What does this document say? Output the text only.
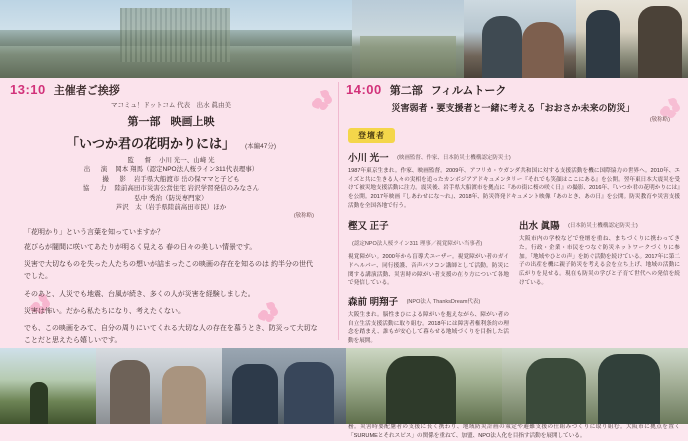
13:10 主催者ご挨拶
マコミュ！ドットコム 代表　出水 眞由美
第一部 映画上映
「いつか君の花明かりには」 (本編47分)
監　督 小川 光一、山﨑 光
出　演 岡本 翔馬（認定NPO法人桜ライン311代表理事）
撮　影 岩手県大船渡市 岳の保ママと子ども
協　力 陸前高田市災害公営住宅 岩沢学習発信のみなさん
弘中 秀治（防災専門家）
芦沢　太（岩手県陸前高田市民）ほか
(敬称略)

「花明かり」という言葉を知っていますか？

花びらが闇間に咲いてあたりが明るく見える 春の日々の美しい情景です。

災害で大切なものを失った人たちの想いが詰まったこの映画の存在を知るのは 約半分の世代でした。

そのあと、人災でも地震、台風が続き、多くの人が災害を経験しました。

災害は怖い。だから私たちになり、考えたくない。

でも、この映画をみて、自分の周りにいてくれる大切な人の存在を慕うとき、防災って大切なことだと思えたら嬉しいです。

14:00 第二部 フィルムトーク
災害弱者・要支援者と一緒に考える「おおさか未来の防災」
(敬称略)
登壇者
小川 光一 (映画監督、作家、日本防災士機構認定防災士)
1987年東京生まれ。作家、映画監督。2009年、アフリカ・ウガンダ共和国に対する支援活動を機に国際協力の世界へ。2010年、エイズと共に生きる人々の実相を追ったカンボジアアドキュメンタリー『それでも笑顔はここにある』を公開。翌年東日本大震災を受けて被災地支援活動に注力。震災後、岩手県大船渡市を拠点に『あの街に桜の咲く日』の撮影、2016年、『いつか君の花明かりには』を公開。2017年映画『しあわせにな〜れ』、2018年、防災啓発ドキュメント映像『あのとき、あの日』を公開。防災教育や災害支援活動を全国各地で行う。
樫又 正子 (認定NPO法人桜ライン311 理事／視覚障がい当事者)
視覚障がい。2000年から盲導犬ユーザー。視覚障がい者のガイドヘルパー、同行援護、音声パソコン講師として活動。防災に関する講演活動、災害時の障がい者支援の在り方について各地で発信している。
森前 明翔子 (NPO法人 ThanksDream代表)
大阪生まれ。脳性まひによる障がいを抱えながら、障がい者の自立生活支援活動に取り組む。2018年には障害者権利条約の理念を踏まえ、誰もが安心して暮らせる地域づくりを目指した活動を展開。
出水 眞陽 (日本防災士機構認定防災士)
大阪市内の学校などで登壇を重ね、まちづくりに携わってきた。行政・企業・市民をつなぐ防災ネットワークづくりに参加。「地域やひとの声」を紡ぐ活動を続けている。2017年に第二子の出産を機に親子防災を考える会を立ち上げ、地域の活動に広がりを見せる。現在も防災の学びと子育て世代への発信を続けている。

務。災害時要配慮者の支援に長く携わり、地域防災計画の策定や避難支援の仕組みづくりに取り組む。大阪市に拠点を置く「SURUMEとそれスピス」の関係を重ねて、加盟、NPO法人化を目指す活動を展開している。
